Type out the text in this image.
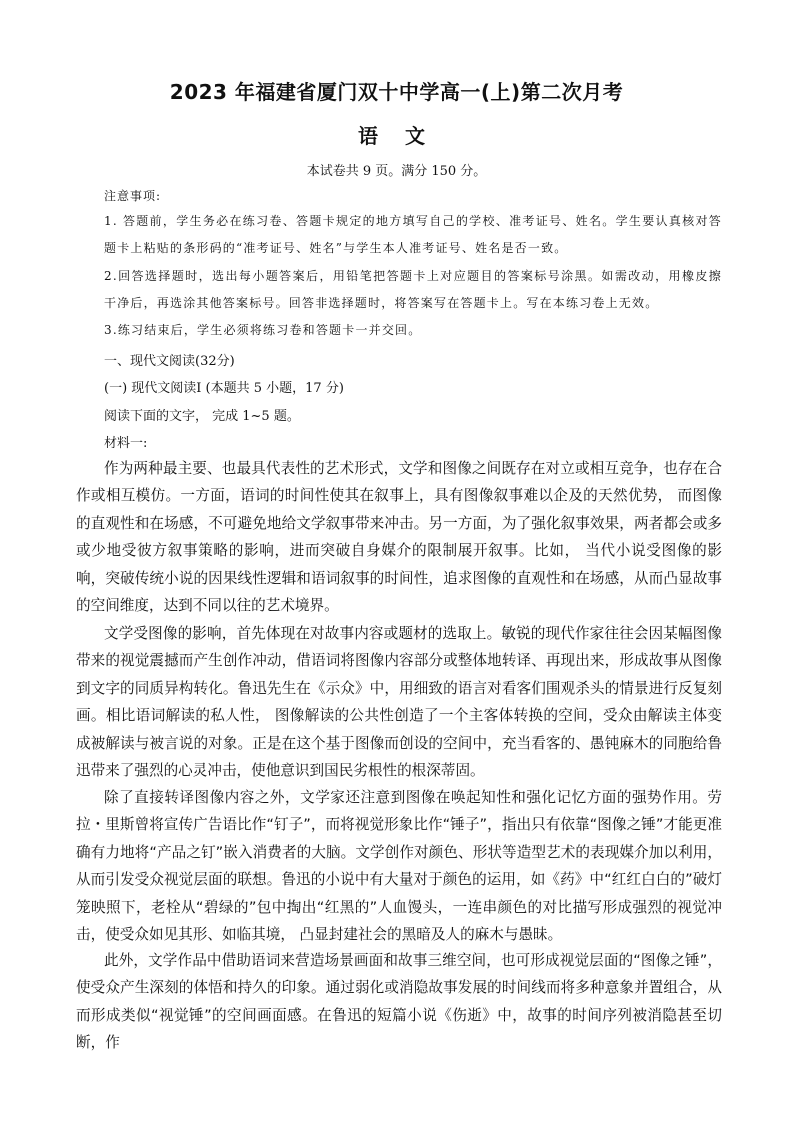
2023 年福建省厦门双十中学高一(上)第二次月考
语 文
本试卷共 9 页。满分 150 分。
注意事项:

1. 答题前，学生务必在练习卷、答题卡规定的地方填写自己的学校、准考证号、姓名。学生要认真核对答题卡上粘贴的条形码的“准考证号、姓名”与学生本人准考证号、姓名是否一致。

2.回答选择题时，选出每小题答案后，用铅笔把答题卡上对应题目的答案标号涂黑。如需改动，用橡皮擦干净后，再选涂其他答案标号。回答非选择题时，将答案写在答题卡上。写在本练习卷上无效。

3.练习结束后，学生必须将练习卷和答题卡一并交回。

一、现代文阅读(32分)
(一) 现代文阅读Ⅰ (本题共 5 小题，17 分)
阅读下面的文字， 完成 1~5 题。
材料一:

作为两种最主要、也最具代表性的艺术形式，文学和图像之间既存在对立或相互竞争，也存在合作或相互模仿。一方面，语词的时间性使其在叙事上，具有图像叙事难以企及的天然优势， 而图像的直观性和在场感，不可避免地给文学叙事带来冲击。另一方面，为了强化叙事效果，两者都会或多或少地受彼方叙事策略的影响，进而突破自身媒介的限制展开叙事。比如， 当代小说受图像的影响，突破传统小说的因果线性逻辑和语词叙事的时间性，追求图像的直观性和在场感，从而凸显故事的空间维度，达到不同以往的艺术境界。

文学受图像的影响，首先体现在对故事内容或题材的选取上。敏锐的现代作家往往会因某幅图像带来的视觉震撼而产生创作冲动，借语词将图像内容部分或整体地转译、再现出来，形成故事从图像到文字的同质异构转化。鲁迅先生在《示众》中，用细致的语言对看客们围观杀头的情景进行反复刻画。相比语词解读的私人性， 图像解读的公共性创造了一个主客体转换的空间，受众由解读主体变成被解读与被言说的对象。正是在这个基于图像而创设的空间中，充当看客的、愚钝麻木的同胞给鲁迅带来了强烈的心灵冲击，使他意识到国民劣根性的根深蒂固。

除了直接转译图像内容之外，文学家还注意到图像在唤起知性和强化记忆方面的强势作用。劳拉・里斯曾将宣传广告语比作“钉子”，而将视觉形象比作“锤子”，指出只有依靠“图像之锤”才能更准确有力地将“产品之钉”嵌入消费者的大脑。文学创作对颜色、形状等造型艺术的表现媒介加以利用，从而引发受众视觉层面的联想。鲁迅的小说中有大量对于颜色的运用，如《药》中“红红白白的”破灯笼映照下，老栓从“碧绿的”包中掏出“红黑的”人血馒头，一连串颜色的对比描写形成强烈的视觉冲击，使受众如见其形、如临其境， 凸显封建社会的黑暗及人的麻木与愚昧。

此外，文学作品中借助语词来营造场景画面和故事三维空间，也可形成视觉层面的“图像之锤”，使受众产生深刻的体悟和持久的印象。通过弱化或消隐故事发展的时间线而将多种意象并置组合，从而形成类似“视觉锤”的空间画面感。在鲁迅的短篇小说《伤逝》中，故事的时间序列被消隐甚至切断，作
